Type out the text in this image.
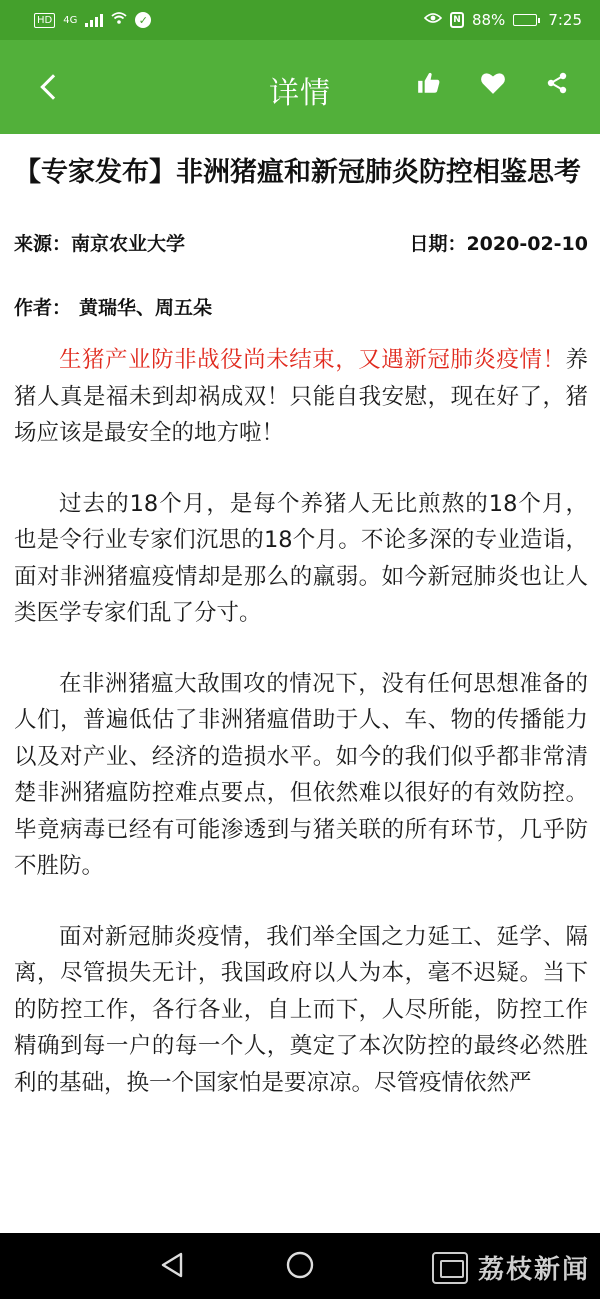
HD	4G	✓	N 88%	7:25
详情
【专家发布】非洲猪瘟和新冠肺炎防控相鉴思考
来源：南京农业大学	日期：2020-02-10
作者： 黄瑞华、周五朵

生猪产业防非战役尚未结束，又遇新冠肺炎疫情！养猪人真是福未到却祸成双！只能自我安慰，现在好了，猪场应该是最安全的地方啦！

过去的18个月，是每个养猪人无比煎熬的18个月，也是令行业专家们沉思的18个月。不论多深的专业造诣，面对非洲猪瘟疫情却是那么的羸弱。如今新冠肺炎也让人类医学专家们乱了分寸。

在非洲猪瘟大敌围攻的情况下，没有任何思想准备的人们，普遍低估了非洲猪瘟借助于人、车、物的传播能力以及对产业、经济的造损水平。如今的我们似乎都非常清楚非洲猪瘟防控难点要点，但依然难以很好的有效防控。毕竟病毒已经有可能渗透到与猪关联的所有环节，几乎防不胜防。

面对新冠肺炎疫情，我们举全国之力延工、延学、隔离，尽管损失无计，我国政府以人为本，毫不迟疑。当下的防控工作，各行各业，自上而下，人尽所能，防控工作精确到每一户的每一个人，奠定了本次防控的最终必然胜利的基础，换一个国家怕是要凉凉。尽管疫情依然严

荔枝新闻
